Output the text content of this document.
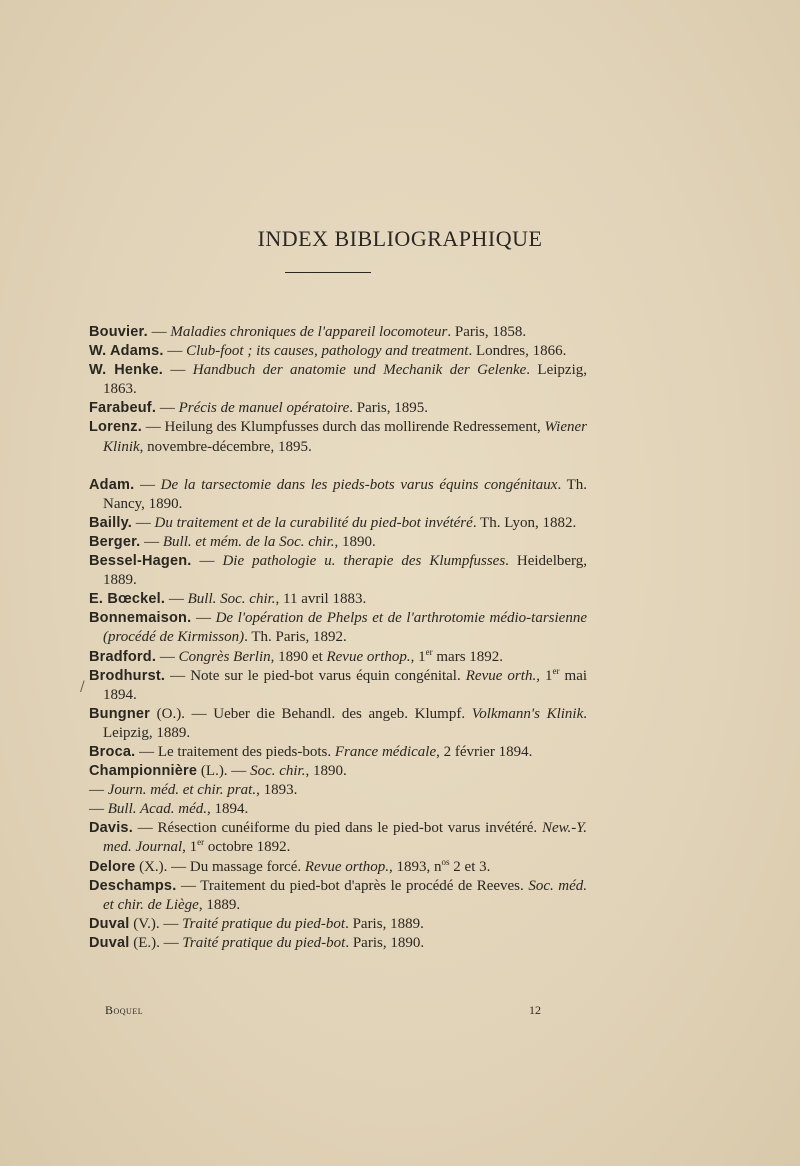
INDEX BIBLIOGRAPHIQUE
Bouvier. — Maladies chroniques de l'appareil locomoteur. Paris, 1858.
W. Adams. — Club-foot ; its causes, pathology and treatment. Londres, 1866.
W. Henke. — Handbuch der anatomie und Mechanik der Gelenke. Leipzig, 1863.
Farabeuf. — Précis de manuel opératoire. Paris, 1895.
Lorenz. — Heilung des Klumpfusses durch das mollirende Redressement, Wiener Klinik, novembre-décembre, 1895.
Adam. — De la tarsectomie dans les pieds-bots varus équins congénitaux. Th. Nancy, 1890.
Bailly. — Du traitement et de la curabilité du pied-bot invétéré. Th. Lyon, 1882.
Berger. — Bull. et mém. de la Soc. chir., 1890.
Bessel-Hagen. — Die pathologie u. therapie des Klumpfusses. Heidelberg, 1889.
E. Bœckel. — Bull. Soc. chir., 11 avril 1883.
Bonnemaison. — De l'opération de Phelps et de l'arthrotomie médio-tarsienne (procédé de Kirmisson). Th. Paris, 1892.
Bradford. — Congrès Berlin, 1890 et Revue orthop., 1er mars 1892.
Brodhurst. — Note sur le pied-bot varus équin congénital. Revue orth., 1er mai 1894.
Bungner (O.). — Ueber die Behandl. des angeb. Klumpf. Volkmann's Klinik. Leipzig, 1889.
Broca. — Le traitement des pieds-bots. France médicale, 2 février 1894.
Championnière (L.). — Soc. chir., 1890.
— Journ. méd. et chir. prat., 1893.
— Bull. Acad. méd., 1894.
Davis. — Résection cunéiforme du pied dans le pied-bot varus invétéré. New.-Y. med. Journal, 1er octobre 1892.
Delore (X.). — Du massage forcé. Revue orthop., 1893, $n^{os}$ 2 et 3.
Deschamps. — Traitement du pied-bot d'après le procédé de Reeves. Soc. méd. et chir. de Liège, 1889.
Duval (V.). — Traité pratique du pied-bot. Paris, 1889.
Duval (E.). — Traité pratique du pied-bot. Paris, 1890.
/
Boquel	12
